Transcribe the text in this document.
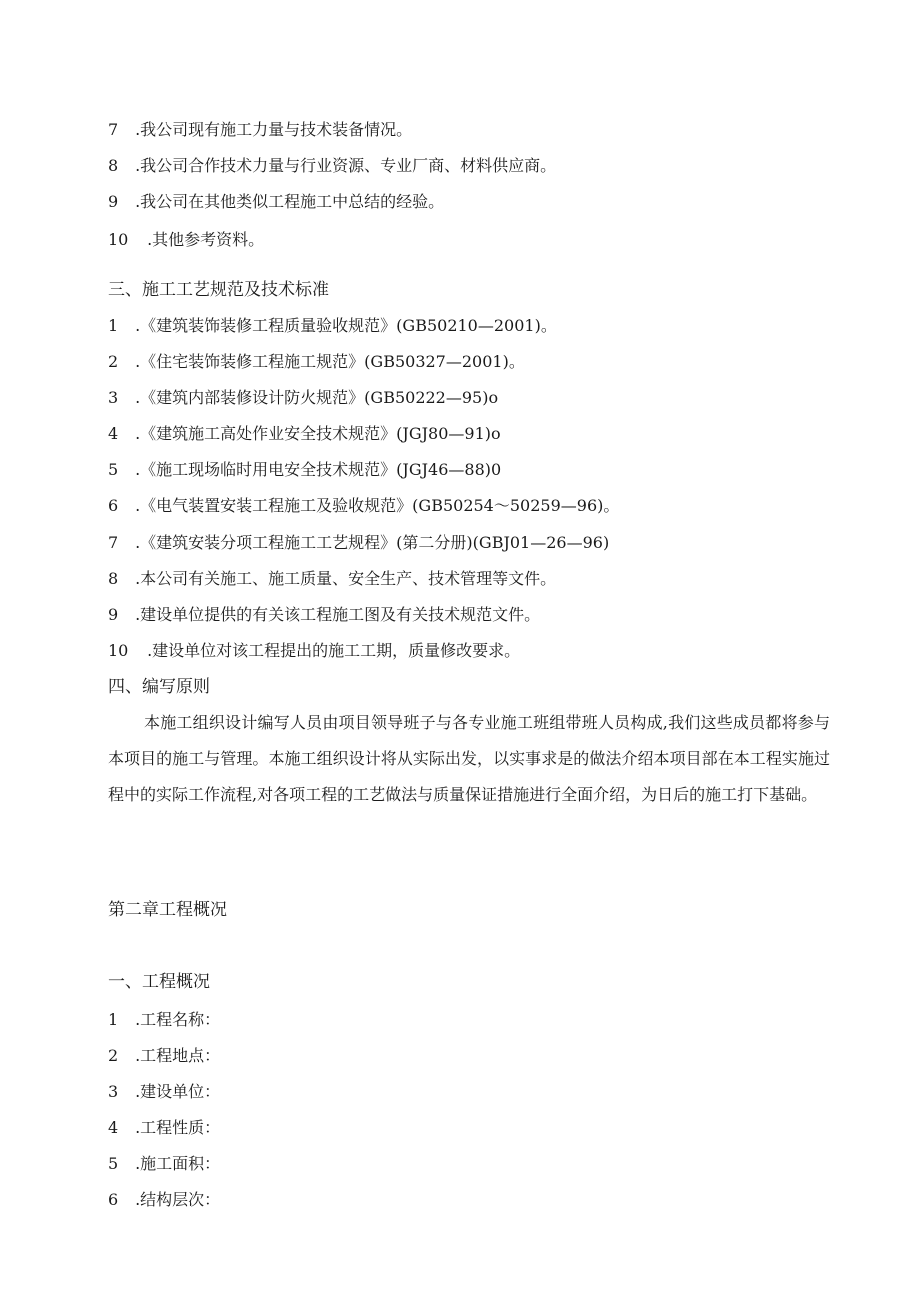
7 .我公司现有施工力量与技术装备情况。
8 .我公司合作技术力量与行业资源、专业厂商、材料供应商。
9 .我公司在其他类似工程施工中总结的经验。
10 .其他参考资料。
三、施工工艺规范及技术标准
1 .《建筑装饰装修工程质量验收规范》(GB50210—2001)。
2 .《住宅装饰装修工程施工规范》(GB50327—2001)。
3 .《建筑内部装修设计防火规范》(GB50222—95)o
4 .《建筑施工高处作业安全技术规范》(JGJ80—91)o
5 .《施工现场临时用电安全技术规范》(JGJ46—88)0
6 .《电气装置安装工程施工及验收规范》(GB50254～50259—96)。
7 .《建筑安装分项工程施工工艺规程》(第二分册)(GBJ01—26—96)
8 .本公司有关施工、施工质量、安全生产、技术管理等文件。
9 .建设单位提供的有关该工程施工图及有关技术规范文件。
10 .建设单位对该工程提出的施工工期，质量修改要求。
四、编写原则
本施工组织设计编写人员由项目领导班子与各专业施工班组带班人员构成,我们这些成员都将参与本项目的施工与管理。本施工组织设计将从实际出发，以实事求是的做法介绍本项目部在本工程实施过程中的实际工作流程,对各项工程的工艺做法与质量保证措施进行全面介绍，为日后的施工打下基础。
第二章工程概况
一、工程概况
1 .工程名称：
2 .工程地点：
3 .建设单位：
4 .工程性质：
5 .施工面积：
6 .结构层次：
